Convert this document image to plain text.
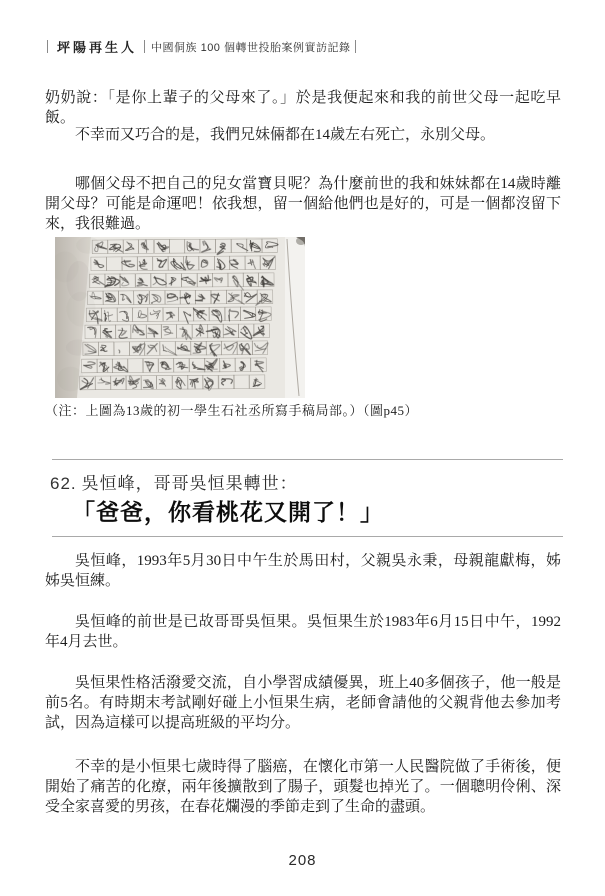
坪陽再生人 中國侗族 100 個轉世投胎案例實訪記錄

奶奶說：「是你上輩子的父母來了。」於是我便起來和我的前世父母一起吃早飯。

不幸而又巧合的是，我們兄妹倆都在14歲左右死亡，永別父母。

哪個父母不把自己的兒女當寶貝呢？為什麼前世的我和妹妹都在14歲時離開父母？可能是命運吧！依我想，留一個給他們也是好的，可是一個都沒留下來，我很難過。

（注：上圖為13歲的初一學生石社丞所寫手稿局部。）（圖p45）

62. 吳恒峰，哥哥吳恒果轉世：
「爸爸，你看桃花又開了！」

吳恒峰，1993年5月30日中午生於馬田村，父親吳永秉，母親龍獻梅，姊姊吳恒練。

吳恒峰的前世是已故哥哥吳恒果。吳恒果生於1983年6月15日中午，1992年4月去世。

吳恒果性格活潑愛交流，自小學習成績優異，班上40多個孩子，他一般是前5名。有時期末考試剛好碰上小恒果生病，老師會請他的父親背他去參加考試，因為這樣可以提高班級的平均分。

不幸的是小恒果七歲時得了腦癌，在懷化市第一人民醫院做了手術後，便開始了痛苦的化療，兩年後擴散到了腸子，頭髮也掉光了。一個聰明伶俐、深受全家喜愛的男孩，在春花爛漫的季節走到了生命的盡頭。

208
